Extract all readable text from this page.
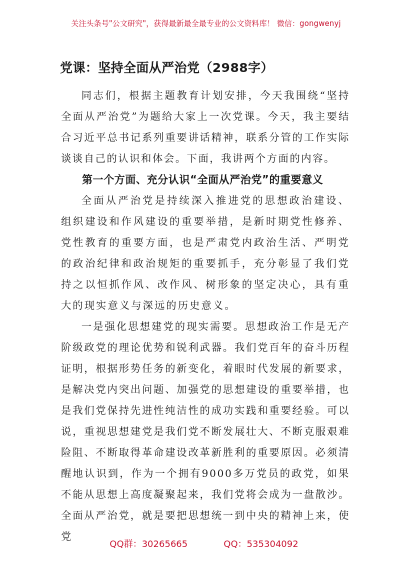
关注头条号"公文研究"，获得最新最全最专业的公文资料库！ 微信：gongwenyj
党课：坚持全面从严治党（2988字）

同志们，根据主题教育计划安排，今天我围绕“坚持全面从严治党”为题给大家上一次党课。今天，我主要结合习近平总书记系列重要讲话精神，联系分管的工作实际谈谈自己的认识和体会。下面，我讲两个方面的内容。

第一个方面、充分认识“全面从严治党”的重要意义

全面从严治党是持续深入推进党的思想政治建设、组织建设和作风建设的重要举措，是新时期党性修养、党性教育的重要方面，也是严肃党内政治生活、严明党的政治纪律和政治规矩的重要抓手，充分彰显了我们党持之以恒抓作风、改作风、树形象的坚定决心，具有重大的现实意义与深远的历史意义。

一是强化思想建党的现实需要。思想政治工作是无产阶级政党的理论优势和锐利武器。我们党百年的奋斗历程证明，根据形势任务的新变化，着眼时代发展的新要求，是解决党内突出问题、加强党的思想建设的重要举措，也是我们党保持先进性纯洁性的成功实践和重要经验。可以说，重视思想建党是我们党不断发展壮大、不断克服艰难险阻、不断取得革命建设改革新胜利的重要原因。必须清醒地认识到，作为一个拥有9000多万党员的政党，如果不能从思想上高度凝聚起来，我们党将会成为一盘散沙。全面从严治党，就是要把思想统一到中央的精神上来，使党

QQ群：30265665	QQ：535304092
